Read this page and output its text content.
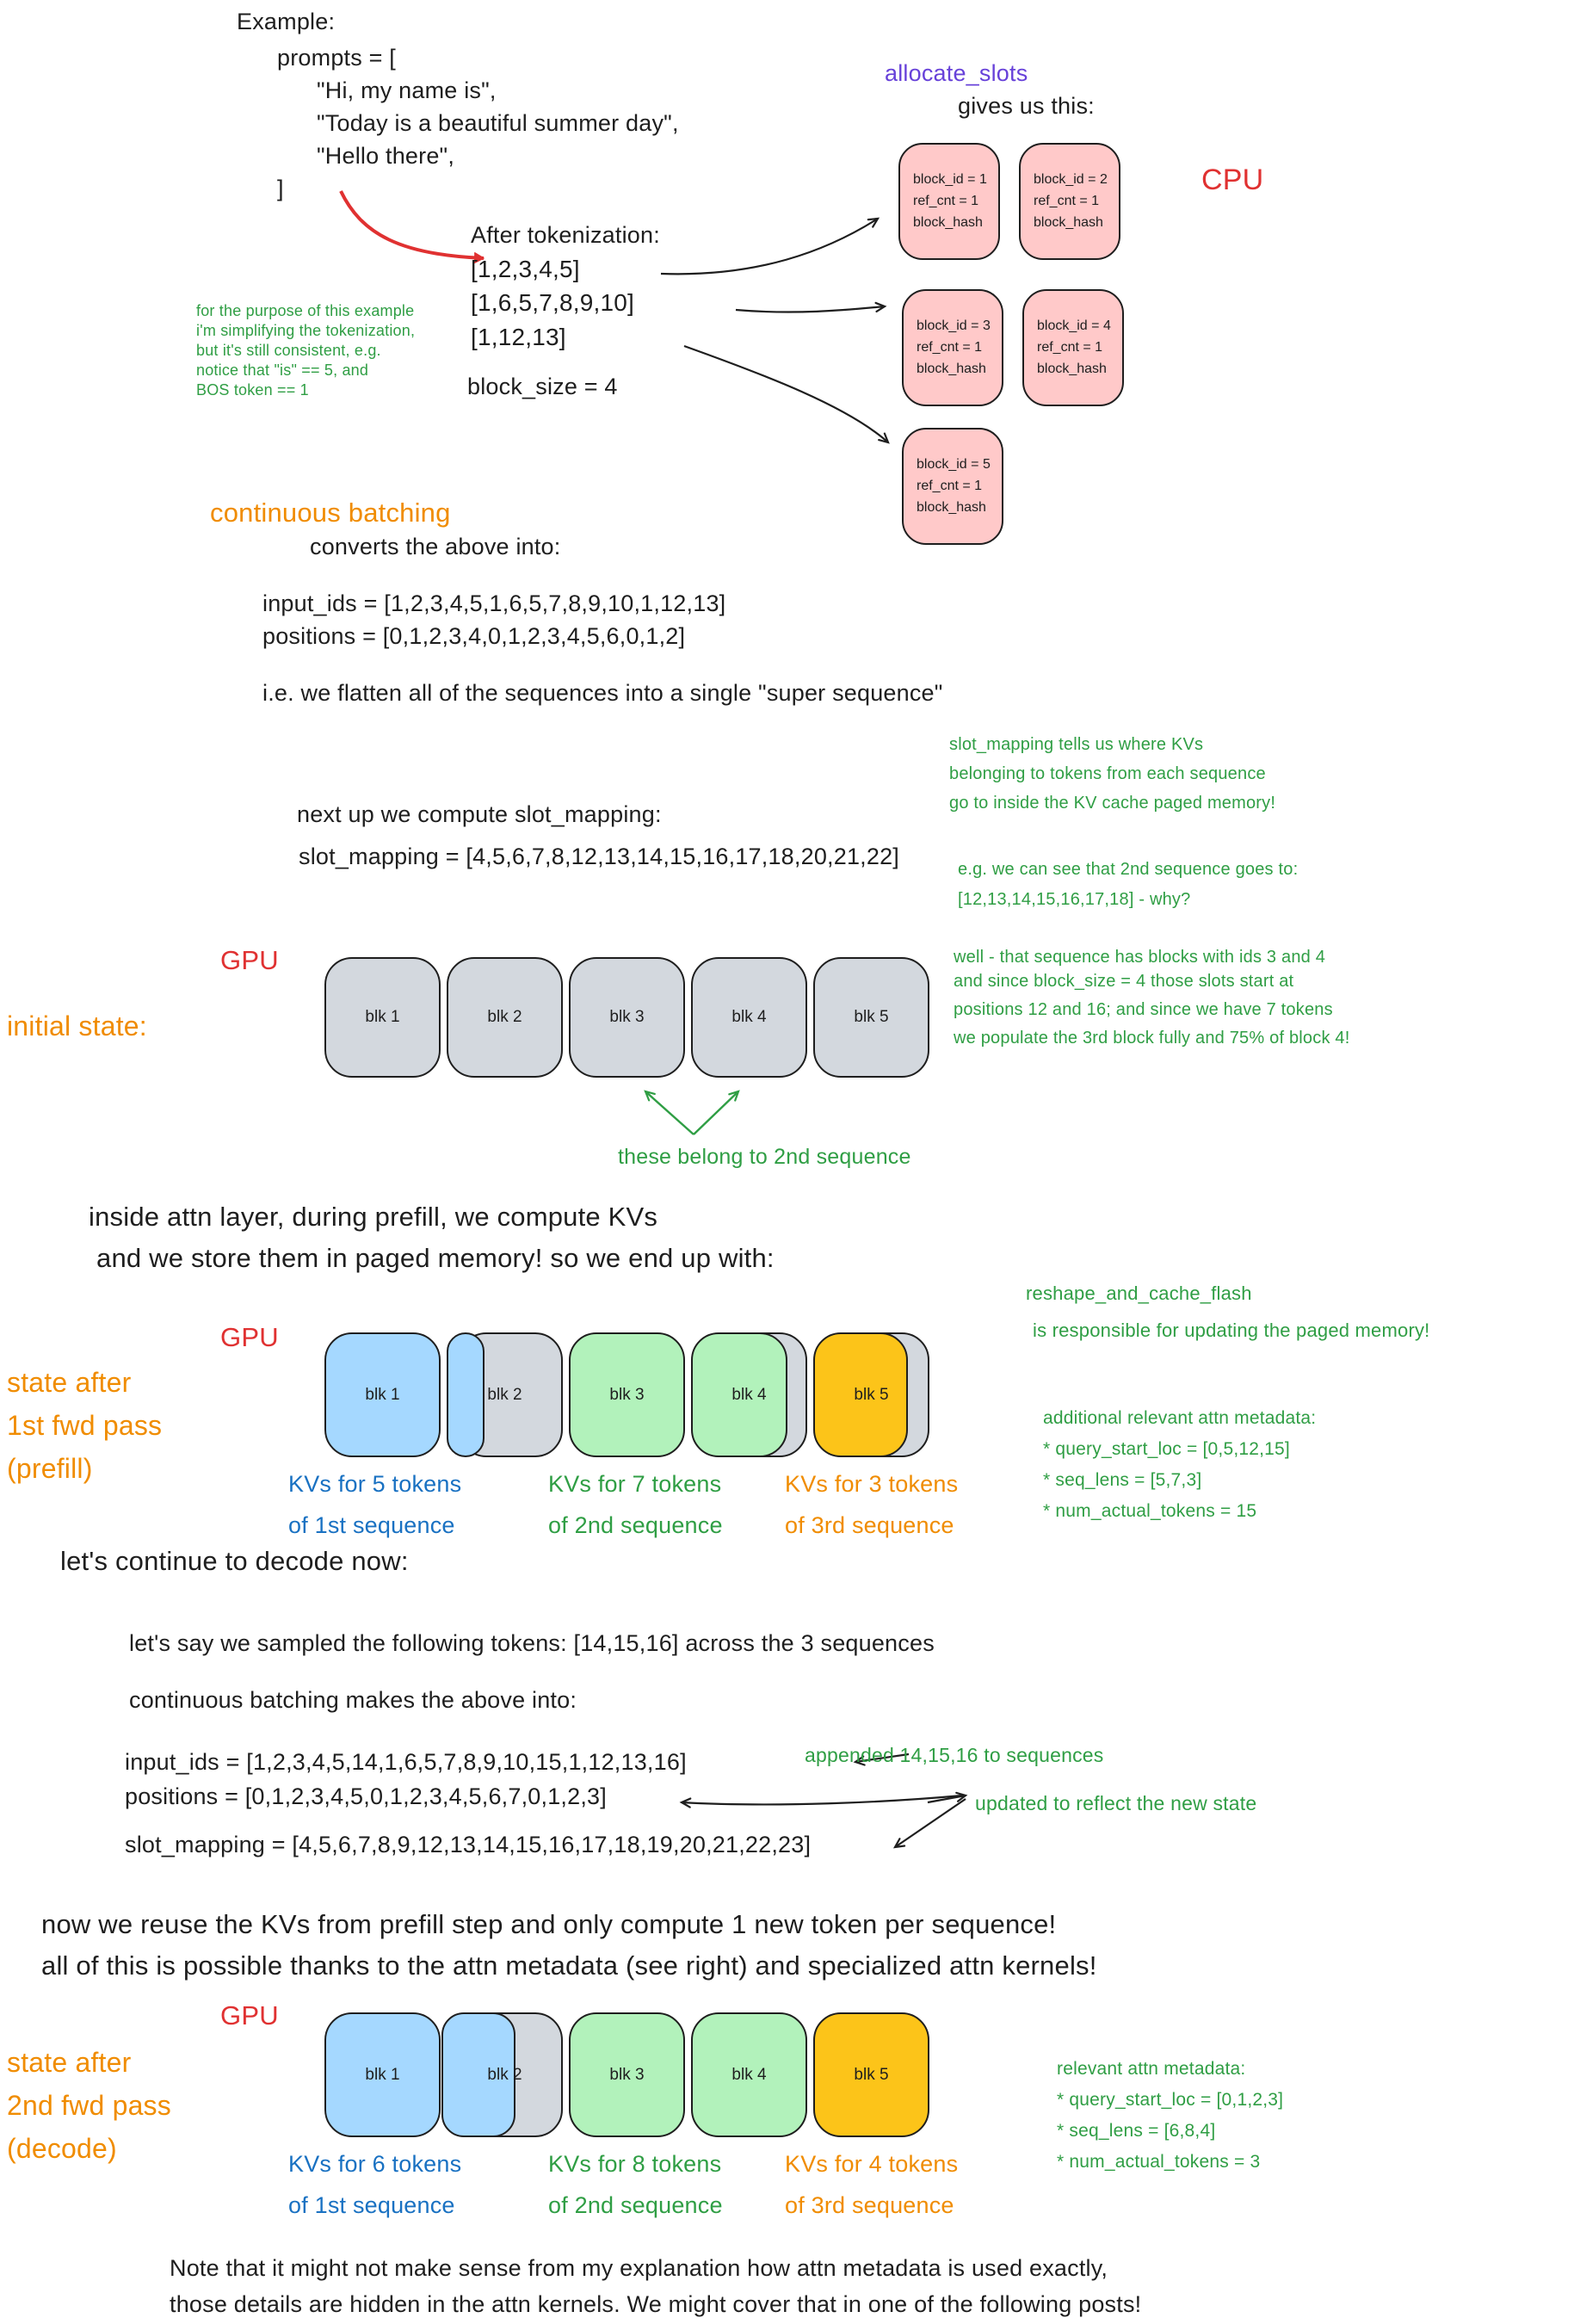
Example:
prompts = [
"Hi, my name is",
"Today is a beautiful summer day",
"Hello there",
]
allocate_slots
gives us this:
CPU
block_id = 1
ref_cnt = 1
block_hash
block_id = 2
ref_cnt = 1
block_hash
block_id = 3
ref_cnt = 1
block_hash
block_id = 4
ref_cnt = 1
block_hash
block_id = 5
ref_cnt = 1
block_hash
After tokenization:
[1,2,3,4,5]
[1,6,5,7,8,9,10]
[1,12,13]
block_size = 4
for the purpose of this example
i'm simplifying the tokenization,
but it's still consistent, e.g.
notice that "is" == 5, and
BOS token == 1
continuous batching
converts the above into:
input_ids = [1,2,3,4,5,1,6,5,7,8,9,10,1,12,13]
positions = [0,1,2,3,4,0,1,2,3,4,5,6,0,1,2]
i.e. we flatten all of the sequences into a single "super sequence"
slot_mapping tells us where KVs
belonging to tokens from each sequence
go to inside the KV cache paged memory!
next up we compute slot_mapping:
slot_mapping = [4,5,6,7,8,12,13,14,15,16,17,18,20,21,22]	e.g. we can see that 2nd sequence goes to:
[12,13,14,15,16,17,18] - why?
GPU
initial state:	blk 1	blk 2	blk 3	blk 4	blk 5
these belong to 2nd sequence
well - that sequence has blocks with ids 3 and 4
and since block_size = 4 those slots start at
positions 12 and 16; and since we have 7 tokens
we populate the 3rd block fully and 75% of block 4!
inside attn layer, during prefill, we compute KVs
and we store them in paged memory! so we end up with:
GPU
state after
1st fwd pass
(prefill)
blk 1	blk 2	blk 3	blk 4	blk 5
KVs for 5 tokens
of 1st sequence
KVs for 7 tokens
of 2nd sequence
KVs for 3 tokens
of 3rd sequence
reshape_and_cache_flash
is responsible for updating the paged memory!
additional relevant attn metadata:
* query_start_loc = [0,5,12,15]
* seq_lens = [5,7,3]
* num_actual_tokens = 15
let's continue to decode now:
let's say we sampled the following tokens: [14,15,16] across the 3 sequences
continuous batching makes the above into:
input_ids = [1,2,3,4,5,14,1,6,5,7,8,9,10,15,1,12,13,16]
positions = [0,1,2,3,4,5,0,1,2,3,4,5,6,7,0,1,2,3]
slot_mapping = [4,5,6,7,8,9,12,13,14,15,16,17,18,19,20,21,22,23]
appended 14,15,16 to sequences
updated to reflect the new state
now we reuse the KVs from prefill step and only compute 1 new token per sequence!
all of this is possible thanks to the attn metadata (see right) and specialized attn kernels!
GPU
state after
2nd fwd pass
(decode)
blk 1	blk 2	blk 3	blk 4	blk 5
KVs for 6 tokens
of 1st sequence
KVs for 8 tokens
of 2nd sequence
KVs for 4 tokens
of 3rd sequence
relevant attn metadata:
* query_start_loc = [0,1,2,3]
* seq_lens = [6,8,4]
* num_actual_tokens = 3
Note that it might not make sense from my explanation how attn metadata is used exactly,
those details are hidden in the attn kernels. We might cover that in one of the following posts!
